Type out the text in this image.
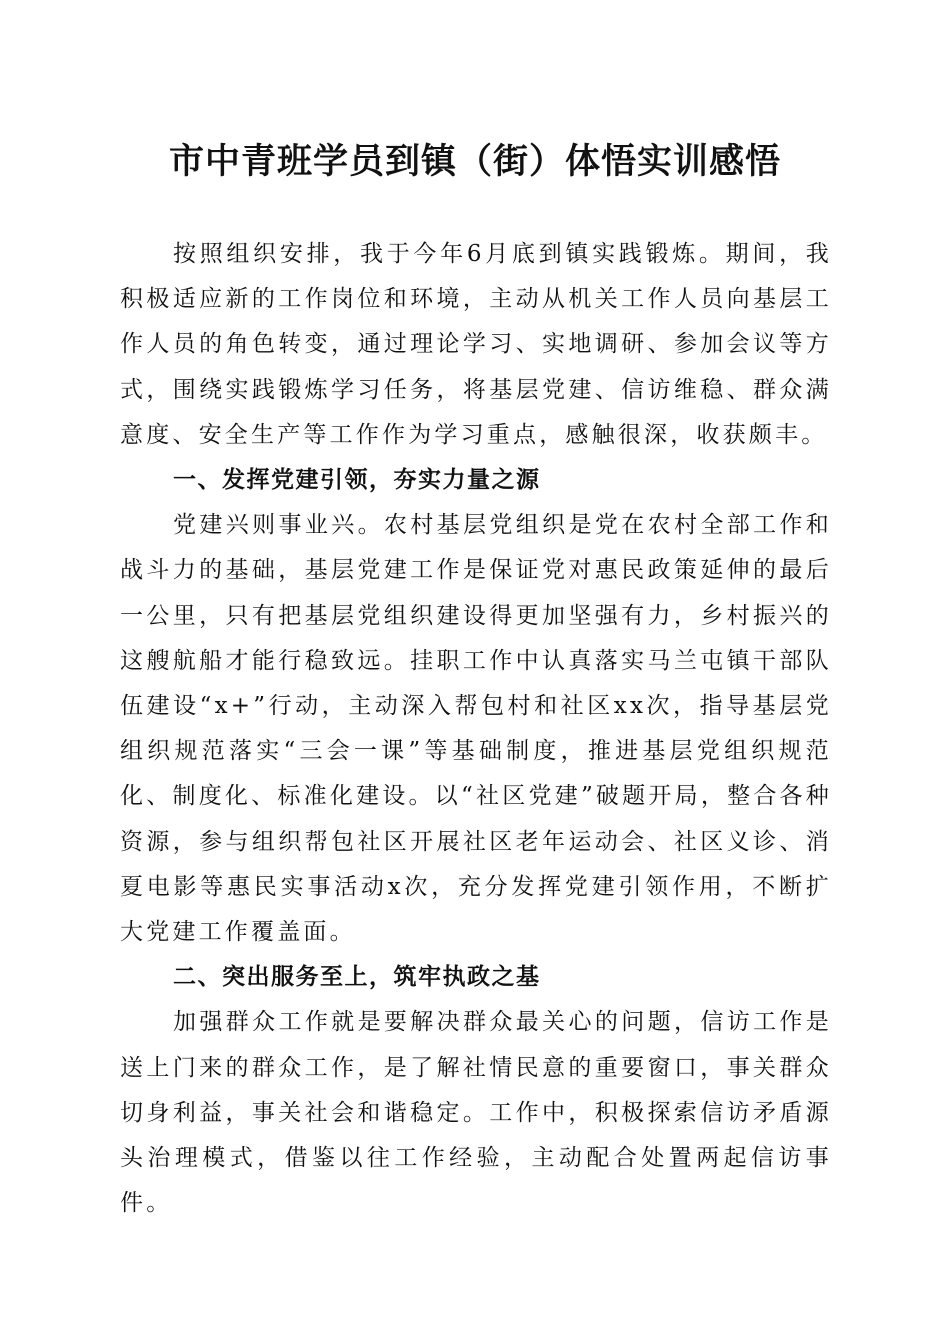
市中青班学员到镇（街）体悟实训感悟

按照组织安排，我于今年6月底到镇实践锻炼。期间，我积极适应新的工作岗位和环境，主动从机关工作人员向基层工作人员的角色转变，通过理论学习、实地调研、参加会议等方式，围绕实践锻炼学习任务，将基层党建、信访维稳、群众满意度、安全生产等工作作为学习重点，感触很深，收获颇丰。

一、发挥党建引领，夯实力量之源

党建兴则事业兴。农村基层党组织是党在农村全部工作和战斗力的基础，基层党建工作是保证党对惠民政策延伸的最后一公里，只有把基层党组织建设得更加坚强有力，乡村振兴的这艘航船才能行稳致远。挂职工作中认真落实马兰屯镇干部队伍建设“x+”行动，主动深入帮包村和社区xx次，指导基层党组织规范落实“三会一课”等基础制度，推进基层党组织规范化、制度化、标准化建设。以“社区党建”破题开局，整合各种资源，参与组织帮包社区开展社区老年运动会、社区义诊、消夏电影等惠民实事活动x次，充分发挥党建引领作用，不断扩大党建工作覆盖面。

二、突出服务至上，筑牢执政之基

加强群众工作就是要解决群众最关心的问题，信访工作是送上门来的群众工作，是了解社情民意的重要窗口，事关群众切身利益，事关社会和谐稳定。工作中，积极探索信访矛盾源头治理模式，借鉴以往工作经验，主动配合处置两起信访事件。
